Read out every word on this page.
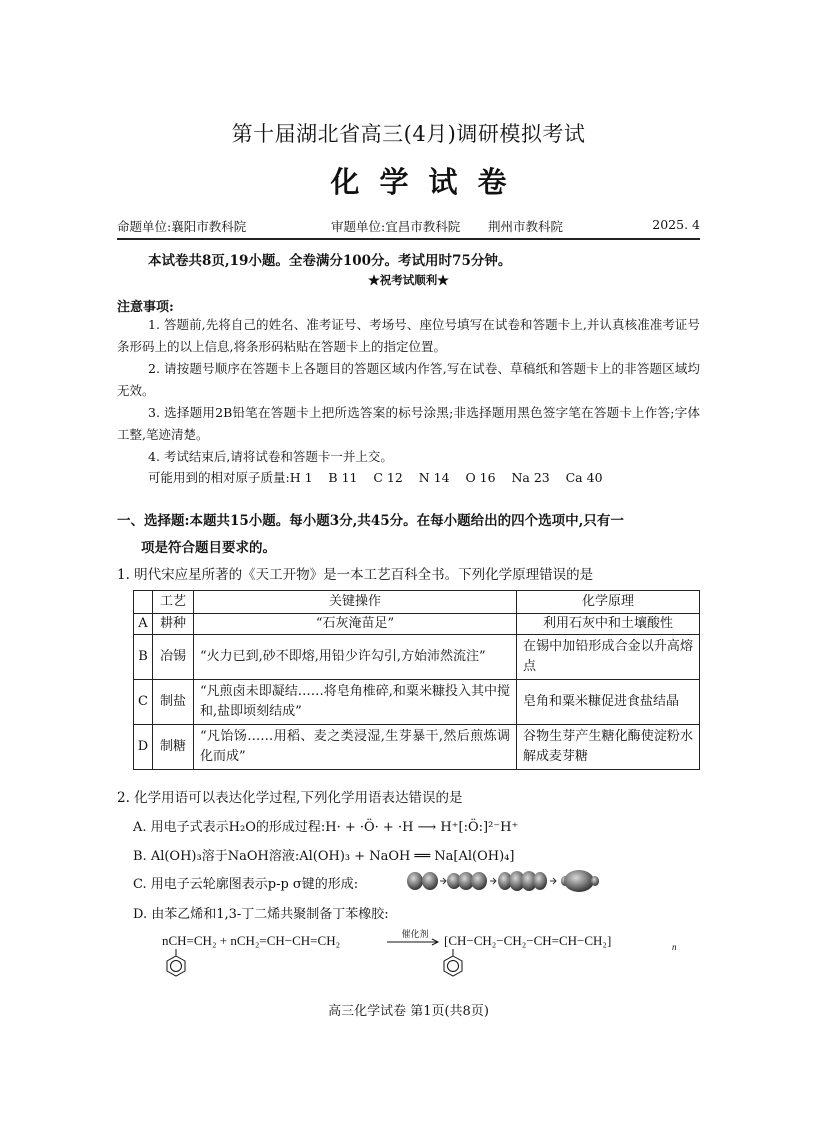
第十届湖北省高三(4月)调研模拟考试
化学试卷
命题单位:襄阳市教科院	审题单位:宜昌市教科院 荆州市教科院	2025. 4
本试卷共8页,19小题。全卷满分100分。考试用时75分钟。
★祝考试顺利★
注意事项:
1. 答题前,先将自己的姓名、准考证号、考场号、座位号填写在试卷和答题卡上,并认真核准准考证号条形码上的以上信息,将条形码粘贴在答题卡上的指定位置。
2. 请按题号顺序在答题卡上各题目的答题区域内作答,写在试卷、草稿纸和答题卡上的非答题区域均无效。
3. 选择题用2B铅笔在答题卡上把所选答案的标号涂黑;非选择题用黑色签字笔在答题卡上作答;字体工整,笔迹清楚。
4. 考试结束后,请将试卷和答题卡一并上交。
可能用到的相对原子质量:H 1    B 11    C 12    N 14    O 16    Na 23    Ca 40
一、选择题:本题共15小题。每小题3分,共45分。在每小题给出的四个选项中,只有一
项是符合题目要求的。
1. 明代宋应星所著的《天工开物》是一本工艺百科全书。下列化学原理错误的是
	工艺	关键操作	化学原理
A	耕种	“石灰淹苗足”	利用石灰中和土壤酸性
B	冶锡	“火力已到,砂不即熔,用铅少许勾引,方始沛然流注”	在锡中加铅形成合金以升高熔点
C	制盐	“凡煎卤未即凝结……将皂角椎碎,和粟米糠投入其中搅和,盐即顷刻结成”	皂角和粟米糠促进食盐结晶
D	制糖	“凡饴饧……用稻、麦之类浸湿,生芽暴干,然后煎炼调化而成”	谷物生芽产生糖化酶使淀粉水解成麦芽糖
2. 化学用语可以表达化学过程,下列化学用语表达错误的是
A. 用电子式表示H₂O的形成过程:H· + ·Ö· + ·H ⟶ H⁺[:Ö:]²⁻H⁺
B. Al(OH)₃溶于NaOH溶液:Al(OH)₃ + NaOH ══ Na[Al(OH)₄]
C. 用电子云轮廓图表示p-p σ键的形成:
D. 由苯乙烯和1,3-丁二烯共聚制备丁苯橡胶:
nCH=CH₂ + nCH₂=CH−CH=CH₂	催化剂 [CH−CH₂−CH₂−CH=CH−CH₂]	n
高三化学试卷 第1页(共8页)
